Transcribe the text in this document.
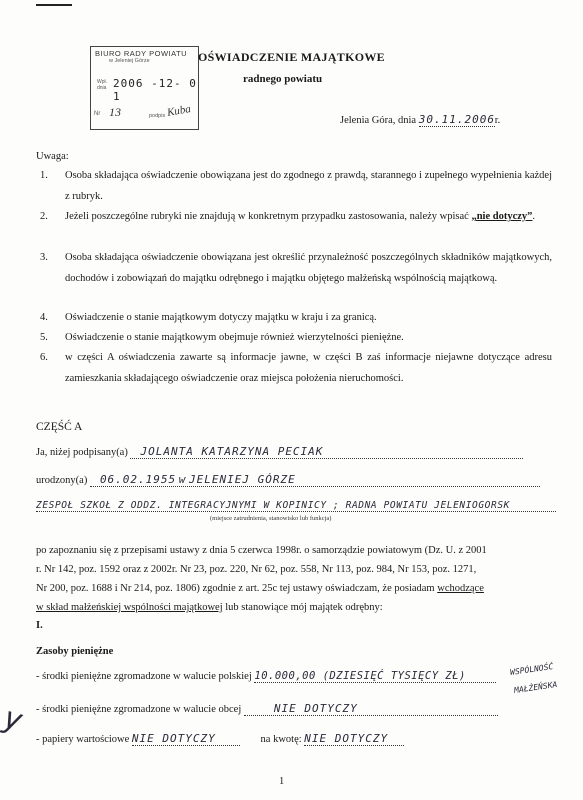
BIURO RADY POWIATU
w Jeleniej Górze
Wpł. dnia 2006 -12- 0 1
Nr 13	podpis Kuba
OŚWIADCZENIE MAJĄTKOWE
radnego powiatu
Jelenia Góra, dnia 30.11.2006r.
Uwaga:
1. Osoba składająca oświadczenie obowiązana jest do zgodnego z prawdą, starannego i zupełnego wypełnienia każdej z rubryk.
2. Jeżeli poszczególne rubryki nie znajdują w konkretnym przypadku zastosowania, należy wpisać „nie dotyczy”.
3. Osoba składająca oświadczenie obowiązana jest określić przynależność poszczególnych składników majątkowych, dochodów i zobowiązań do majątku odrębnego i majątku objętego małżeńską wspólnością majątkową.
4. Oświadczenie o stanie majątkowym dotyczy majątku w kraju i za granicą.
5. Oświadczenie o stanie majątkowym obejmuje również wierzytelności pieniężne.
6. w części A oświadczenia zawarte są informacje jawne, w części B zaś informacje niejawne dotyczące adresu zamieszkania składającego oświadczenie oraz miejsca położenia nieruchomości.
CZĘŚĆ A
Ja, niżej podpisany(a) JOLANTA KATARZYNA PECIAK
urodzony(a) 06.02.1955 w JELENIEJ GÓRZE
ZESPÓŁ SZKÓŁ Z ODDZ. INTEGRACYJNYMI W KOPINICY ; RADNA POWIATU JELENIOGÓRSK
(miejsce zatrudnienia, stanowisko lub funkcja)
po zapoznaniu się z przepisami ustawy z dnia 5 czerwca 1998r. o samorządzie powiatowym (Dz. U. z 2001
r. Nr 142, poz. 1592 oraz z 2002r. Nr 23, poz. 220, Nr 62, poz. 558, Nr 113, poz. 984, Nr 153, poz. 1271,
Nr 200, poz. 1688 i Nr 214, poz. 1806) zgodnie z art. 25c tej ustawy oświadczam, że posiadam wchodzące
w skład małżeńskiej wspólności majątkowej lub stanowiące mój majątek odrębny:
I.
Zasoby pieniężne
- środki pieniężne zgromadzone w walucie polskiej 10.000,00 (DZIESIĘĆ TYSIĘCY ZŁ)	WSPÓLNOŚĆ
MAŁŻEŃSKA
- środki pieniężne zgromadzone w walucie obcej	NIE DOTYCZY
- papiery wartościowe NIE DOTYCZY	na kwotę: NIE DOTYCZY
y
1
